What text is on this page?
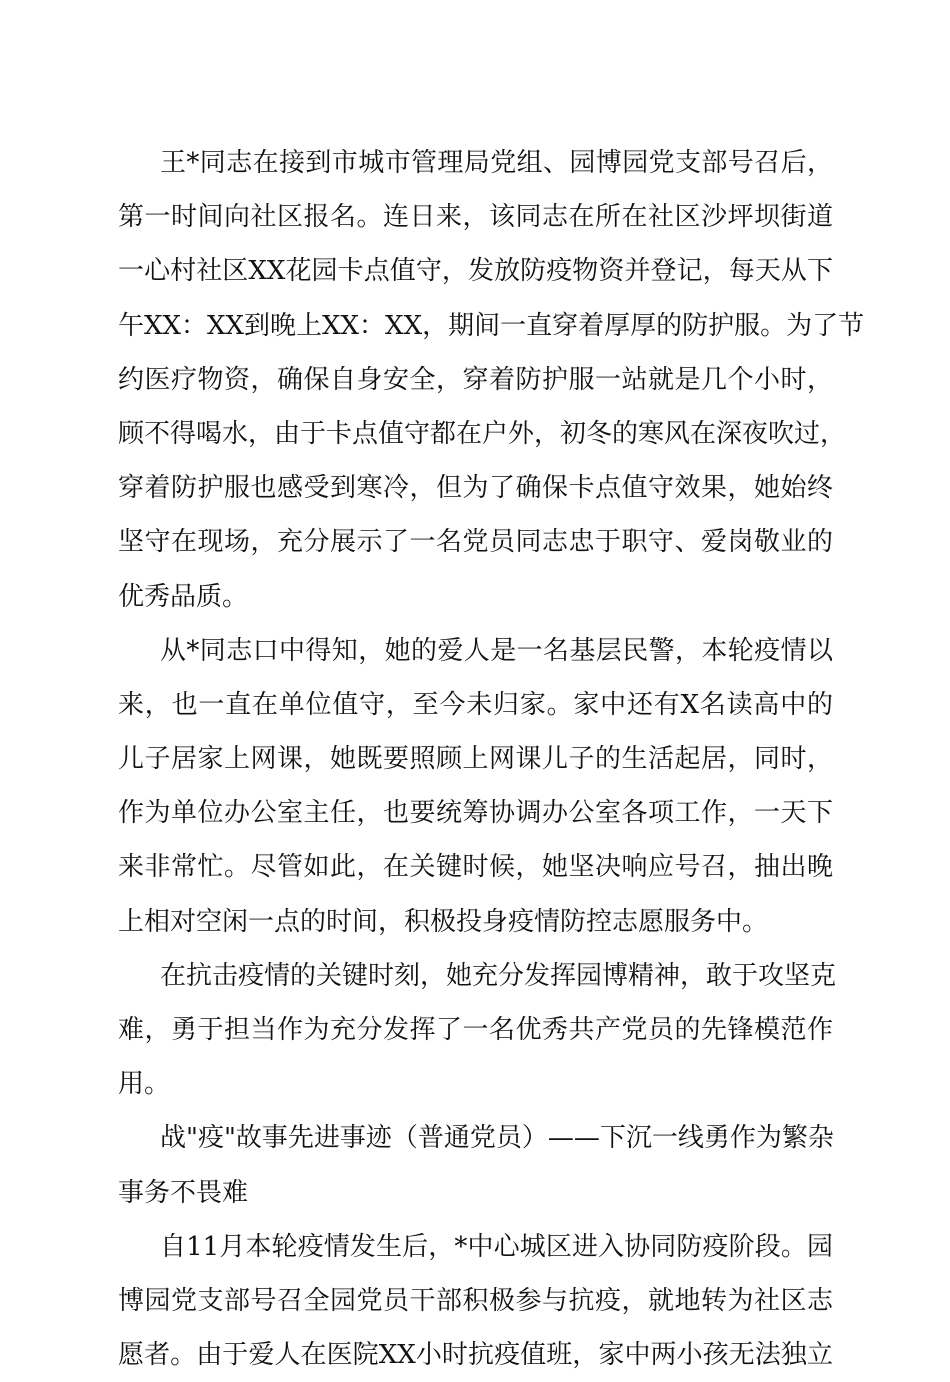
王*同志在接到市城市管理局党组、园博园党支部号召后，
第一时间向社区报名。连日来，该同志在所在社区沙坪坝街道
一心村社区XX花园卡点值守，发放防疫物资并登记，每天从下
午XX：XX到晚上XX：XX，期间一直穿着厚厚的防护服。为了节
约医疗物资，确保自身安全，穿着防护服一站就是几个小时，
顾不得喝水，由于卡点值守都在户外，初冬的寒风在深夜吹过，
穿着防护服也感受到寒冷，但为了确保卡点值守效果，她始终
坚守在现场，充分展示了一名党员同志忠于职守、爱岗敬业的
优秀品质。
从*同志口中得知，她的爱人是一名基层民警，本轮疫情以
来，也一直在单位值守，至今未归家。家中还有X名读高中的
儿子居家上网课，她既要照顾上网课儿子的生活起居，同时，
作为单位办公室主任，也要统筹协调办公室各项工作，一天下
来非常忙。尽管如此，在关键时候，她坚决响应号召，抽出晚
上相对空闲一点的时间，积极投身疫情防控志愿服务中。
在抗击疫情的关键时刻，她充分发挥园博精神，敢于攻坚克
难，勇于担当作为充分发挥了一名优秀共产党员的先锋模范作
用。
战"疫"故事先进事迹（普通党员）——下沉一线勇作为繁杂
事务不畏难
自11月本轮疫情发生后，*中心城区进入协同防疫阶段。园
博园党支部号召全园党员干部积极参与抗疫，就地转为社区志
愿者。由于爱人在医院XX小时抗疫值班，家中两小孩无法独立
